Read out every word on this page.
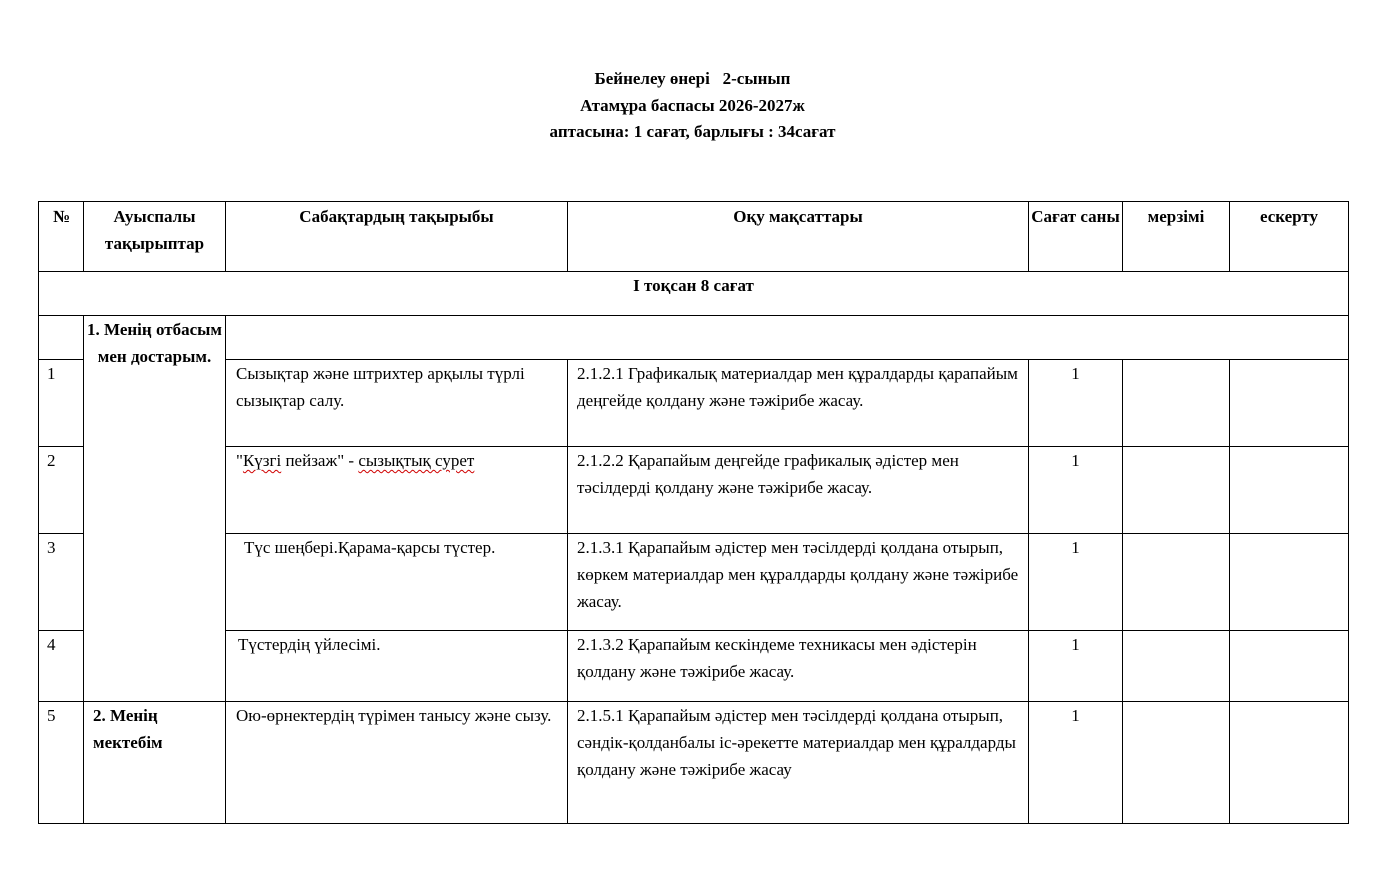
Бейнелеу өнері   2-сынып
Атамұра баспасы 2026-2027ж
аптасына: 1 сағат, барлығы : 34сағат
№	Ауыспалы тақырыптар	Сабақтардың тақырыбы	Оқу мақсаттары	Сағат саны	мерзімі	ескерту
І тоқсан 8 сағат						
	1. Менің отбасым мен достарым.					
1		Сызықтар және штрихтер арқылы түрлі сызықтар салу.	2.1.2.1 Графикалық материалдар мен құралдарды қарапайым деңгейде қолдану және тәжірибе жасау.	1		
2		"Күзгі пейзаж" - сызықтық сурет	2.1.2.2 Қарапайым деңгейде графикалық әдістер мен тәсілдерді қолдану және тәжірибе жасау.	1		
3		Түс шеңбері.Қарама-қарсы түстер.	2.1.3.1 Қарапайым әдістер мен тәсілдерді қолдана отырып, көркем материалдар мен құралдарды қолдану және тәжірибе жасау.	1		
4		Түстердің үйлесімі.	2.1.3.2 Қарапайым кескіндеме техникасы мен әдістерін қолдану және тәжірибе жасау.	1		
5	2. Менің мектебім	Ою-өрнектердің түрімен танысу және сызу.	2.1.5.1 Қарапайым әдістер мен тәсілдерді қолдана отырып, сәндік-қолданбалы іс-әрекетте материалдар мен құралдарды қолдану және тәжірибе жасау	1		
